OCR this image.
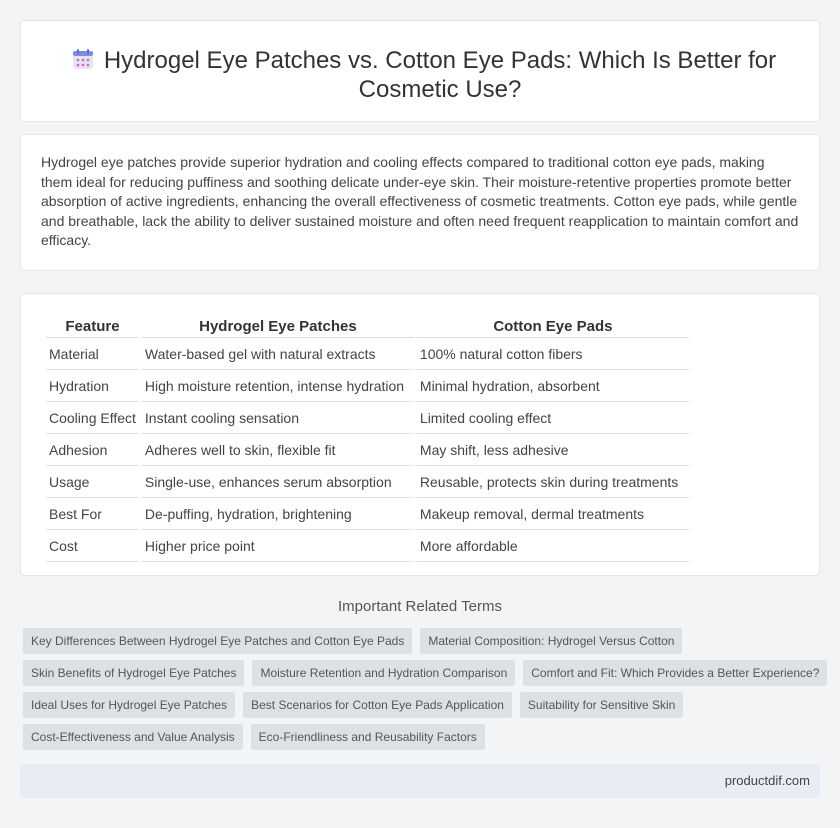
Hydrogel Eye Patches vs. Cotton Eye Pads: Which Is Better for Cosmetic Use?
Hydrogel eye patches provide superior hydration and cooling effects compared to traditional cotton eye pads, making them ideal for reducing puffiness and soothing delicate under-eye skin. Their moisture-retentive properties promote better absorption of active ingredients, enhancing the overall effectiveness of cosmetic treatments. Cotton eye pads, while gentle and breathable, lack the ability to deliver sustained moisture and often need frequent reapplication to maintain comfort and efficacy.
Feature	Hydrogel Eye Patches	Cotton Eye Pads
Material	Water-based gel with natural extracts	100% natural cotton fibers
Hydration	High moisture retention, intense hydration	Minimal hydration, absorbent
Cooling Effect	Instant cooling sensation	Limited cooling effect
Adhesion	Adheres well to skin, flexible fit	May shift, less adhesive
Usage	Single-use, enhances serum absorption	Reusable, protects skin during treatments
Best For	De-puffing, hydration, brightening	Makeup removal, dermal treatments
Cost	Higher price point	More affordable
Important Related Terms
Key Differences Between Hydrogel Eye Patches and Cotton Eye Pads	Material Composition: Hydrogel Versus Cotton
Skin Benefits of Hydrogel Eye Patches	Moisture Retention and Hydration Comparison	Comfort and Fit: Which Provides a Better Experience?
Ideal Uses for Hydrogel Eye Patches	Best Scenarios for Cotton Eye Pads Application	Suitability for Sensitive Skin
Cost-Effectiveness and Value Analysis	Eco-Friendliness and Reusability Factors
productdif.com
